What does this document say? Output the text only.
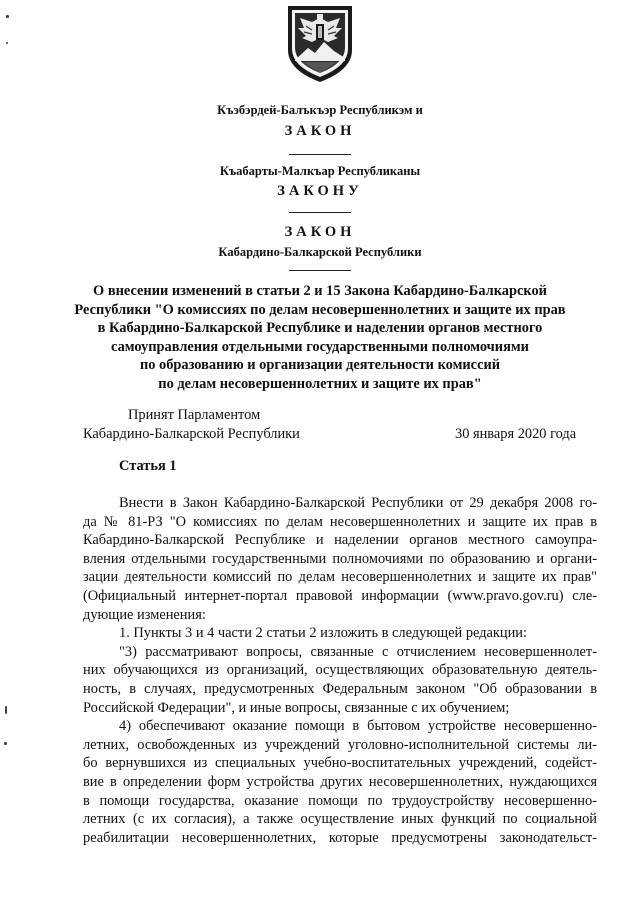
Къэбэрдей-Балъкъэр Республикэм и
ЗАКОН
Къабарты-Малкъар Республиканы
ЗАКОНУ
ЗАКОН
Кабардино-Балкарской Республики
О внесении изменений в статьи 2 и 15 Закона Кабардино-Балкарской
Республики "О комиссиях по делам несовершеннолетних и защите их прав
в Кабардино-Балкарской Республике и наделении органов местного
самоуправления отдельными государственными полномочиями
по образованию и организации деятельности комиссий
по делам несовершеннолетних и защите их прав"
Принят Парламентом
Кабардино-Балкарской Республики	30 января 2020 года
Статья 1
Внести в Закон Кабардино-Балкарской Республики от 29 декабря 2008 го-
да № 81-РЗ "О комиссиях по делам несовершеннолетних и защите их прав в
Кабардино-Балкарской Республике и наделении органов местного самоупра-
вления отдельными государственными полномочиями по образованию и органи-
зации деятельности комиссий по делам несовершеннолетних и защите их прав"
(Официальный интернет-портал правовой информации (www.pravo.gov.ru) сле-
дующие изменения:
1. Пункты 3 и 4 части 2 статьи 2 изложить в следующей редакции:
"3) рассматривают вопросы, связанные с отчислением несовершеннолет-
них обучающихся из организаций, осуществляющих образовательную деятель-
ность, в случаях, предусмотренных Федеральным законом "Об образовании в
Российской Федерации", и иные вопросы, связанные с их обучением;
4) обеспечивают оказание помощи в бытовом устройстве несовершенно-
летних, освобожденных из учреждений уголовно-исполнительной системы ли-
бо вернувшихся из специальных учебно-воспитательных учреждений, содейст-
вие в определении форм устройства других несовершеннолетних, нуждающихся
в помощи государства, оказание помощи по трудоустройству несовершенно-
летних (с их согласия), а также осуществление иных функций по социальной
реабилитации несовершеннолетних, которые предусмотрены законодательст-
